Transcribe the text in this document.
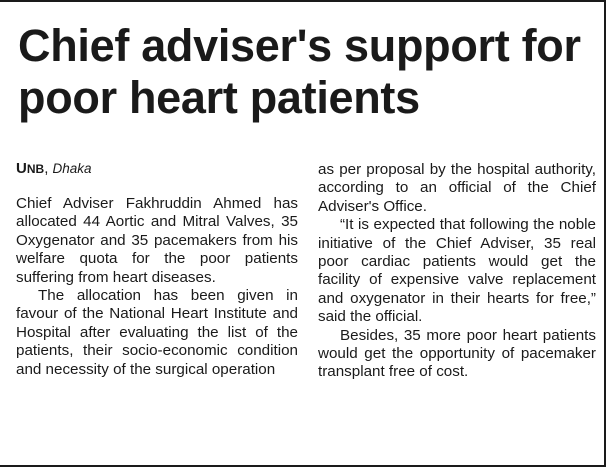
Chief adviser's support for poor heart patients
UNB, Dhaka

Chief Adviser Fakhruddin Ahmed has allocated 44 Aortic and Mitral Valves, 35 Oxygenator and 35 pacemakers from his welfare quota for the poor patients suffering from heart diseases.

The allocation has been given in favour of the National Heart Institute and Hospital after evaluating the list of the patients, their socio-economic condition and necessity of the surgical operation

as per proposal by the hospital authority, according to an official of the Chief Adviser's Office.

“It is expected that following the noble initiative of the Chief Adviser, 35 real poor cardiac patients would get the facility of expensive valve replacement and oxygenator in their hearts for free,” said the official.

Besides, 35 more poor heart patients would get the opportunity of pacemaker transplant free of cost.
